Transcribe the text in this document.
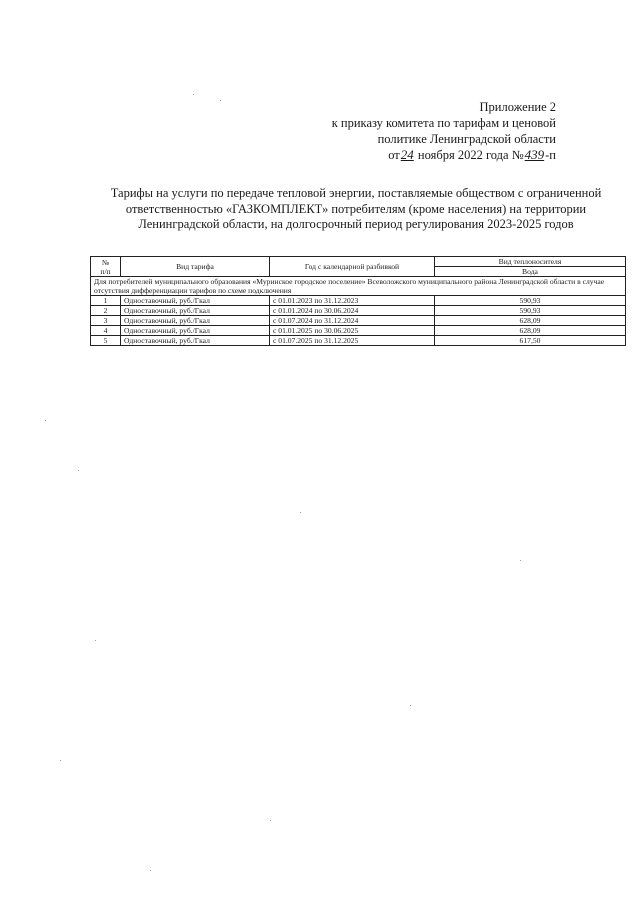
Приложение 2
к приказу комитета по тарифам и ценовой
политике Ленинградской области
от24 ноября 2022 года №439-п
Тарифы на услуги по передаче тепловой энергии, поставляемые обществом с ограниченной
ответственностью «ГАЗКОМПЛЕКТ» потребителям (кроме населения) на территории
Ленинградской области, на долгосрочный период регулирования 2023-2025 годов
№
п/п	Вид тарифа	Год с календарной разбивкой	Вид теплоносителя
			Вода
Для потребителей муниципального образования «Муринское городское поселение» Всеволожского муниципального района Ленинградской области в случае отсутствия дифференциации тарифов по схеме подключения			
1	Одноставочный, руб./Гкал	с 01.01.2023 по 31.12.2023	590,93
2	Одноставочный, руб./Гкал	с 01.01.2024 по 30.06.2024	590,93
3	Одноставочный, руб./Гкал	с 01.07.2024 по 31.12.2024	628,09
4	Одноставочный, руб./Гкал	с 01.01.2025 по 30.06.2025	628,09
5	Одноставочный, руб./Гкал	с 01.07.2025 по 31.12.2025	617,50
